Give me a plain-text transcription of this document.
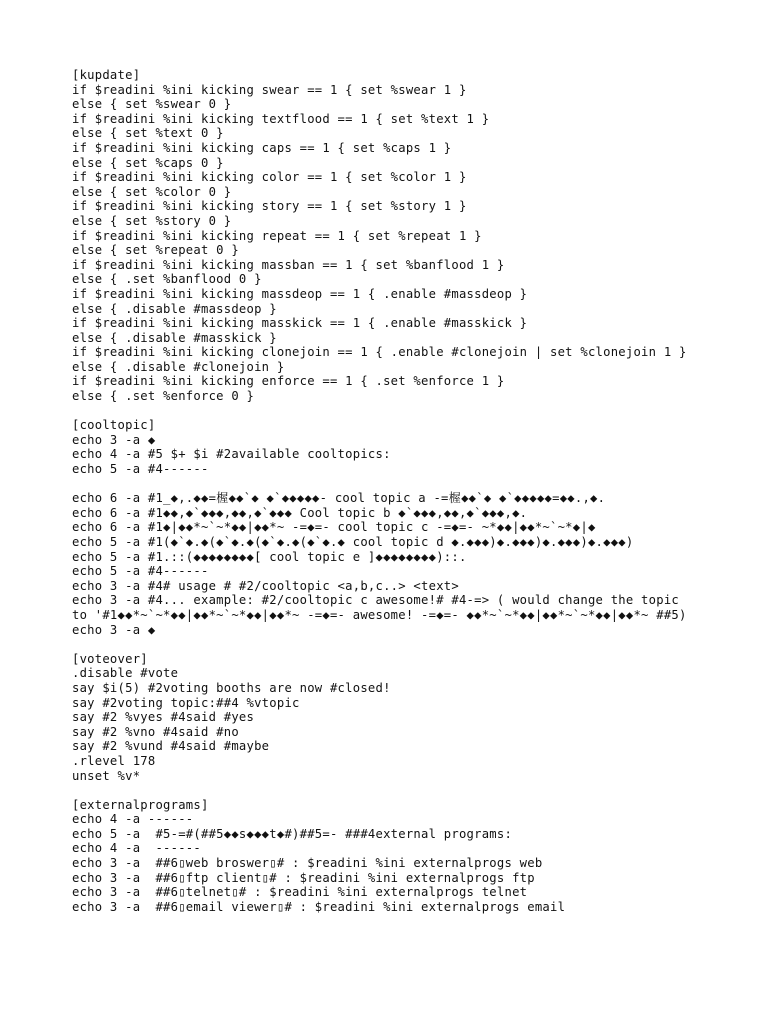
[kupdate]
if $readini %ini kicking swear == 1 { set %swear 1 }
else { set %swear 0 }
if $readini %ini kicking textflood == 1 { set %text 1 }
else { set %text 0 }
if $readini %ini kicking caps == 1 { set %caps 1 }
else { set %caps 0 }
if $readini %ini kicking color == 1 { set %color 1 }
else { set %color 0 }
if $readini %ini kicking story == 1 { set %story 1 }
else { set %story 0 }
if $readini %ini kicking repeat == 1 { set %repeat 1 }
else { set %repeat 0 }
if $readini %ini kicking massban == 1 { set %banflood 1 }
else { .set %banflood 0 }
if $readini %ini kicking massdeop == 1 { .enable #massdeop }
else { .disable #massdeop }
if $readini %ini kicking masskick == 1 { .enable #masskick }
else { .disable #masskick }
if $readini %ini kicking clonejoin == 1 { .enable #clonejoin | set %clonejoin 1 }
else { .disable #clonejoin }
if $readini %ini kicking enforce == 1 { .set %enforce 1 }
else { .set %enforce 0 }
[cooltopic]
echo 3 -a ◆
echo 4 -a #5 $+ $i #2available cooltopics:
echo 5 -a #4------
echo 6 -a #1_◆,.◆◆=楃◆◆`◆ ◆`◆◆◆◆◆- cool topic a -=楃◆◆`◆ ◆`◆◆◆◆◆=◆◆.,◆.
echo 6 -a #1◆◆,◆`◆◆◆,◆◆,◆`◆◆◆ Cool topic b ◆`◆◆◆,◆◆,◆`◆◆◆,◆.
echo 6 -a #1◆|◆◆*~`~*◆◆|◆◆*~ -=◆=- cool topic c -=◆=- ~*◆◆|◆◆*~`~*◆|◆
echo 5 -a #1(◆`◆.◆(◆`◆.◆(◆`◆.◆(◆`◆.◆ cool topic d ◆.◆◆◆)◆.◆◆◆)◆.◆◆◆)◆.◆◆◆)
echo 5 -a #1.::(◆◆◆◆◆◆◆◆[ cool topic e ]◆◆◆◆◆◆◆◆)::.
echo 5 -a #4------
echo 3 -a #4# usage # #2/cooltopic <a,b,c..> <text>
echo 3 -a #4... example: #2/cooltopic c awesome!# #4-=> ( would change the topic
to '#1◆◆*~`~*◆◆|◆◆*~`~*◆◆|◆◆*~ -=◆=- awesome! -=◆=- ◆◆*~`~*◆◆|◆◆*~`~*◆◆|◆◆*~ ##5)
echo 3 -a ◆
[voteover]
.disable #vote
say $i(5) #2voting booths are now #closed!
say #2voting topic:##4 %vtopic
say #2 %vyes #4said #yes
say #2 %vno #4said #no
say #2 %vund #4said #maybe
.rlevel 178
unset %v*
[externalprograms]
echo 4 -a ------
echo 5 -a  #5-=#(##5◆◆s◆◆◆t◆#)##5=- ###4external programs:
echo 4 -a  ------
echo 3 -a  ##6▯web broswer▯# : $readini %ini externalprogs web
echo 3 -a  ##6▯ftp client▯# : $readini %ini externalprogs ftp
echo 3 -a  ##6▯telnet▯# : $readini %ini externalprogs telnet
echo 3 -a  ##6▯email viewer▯# : $readini %ini externalprogs email
